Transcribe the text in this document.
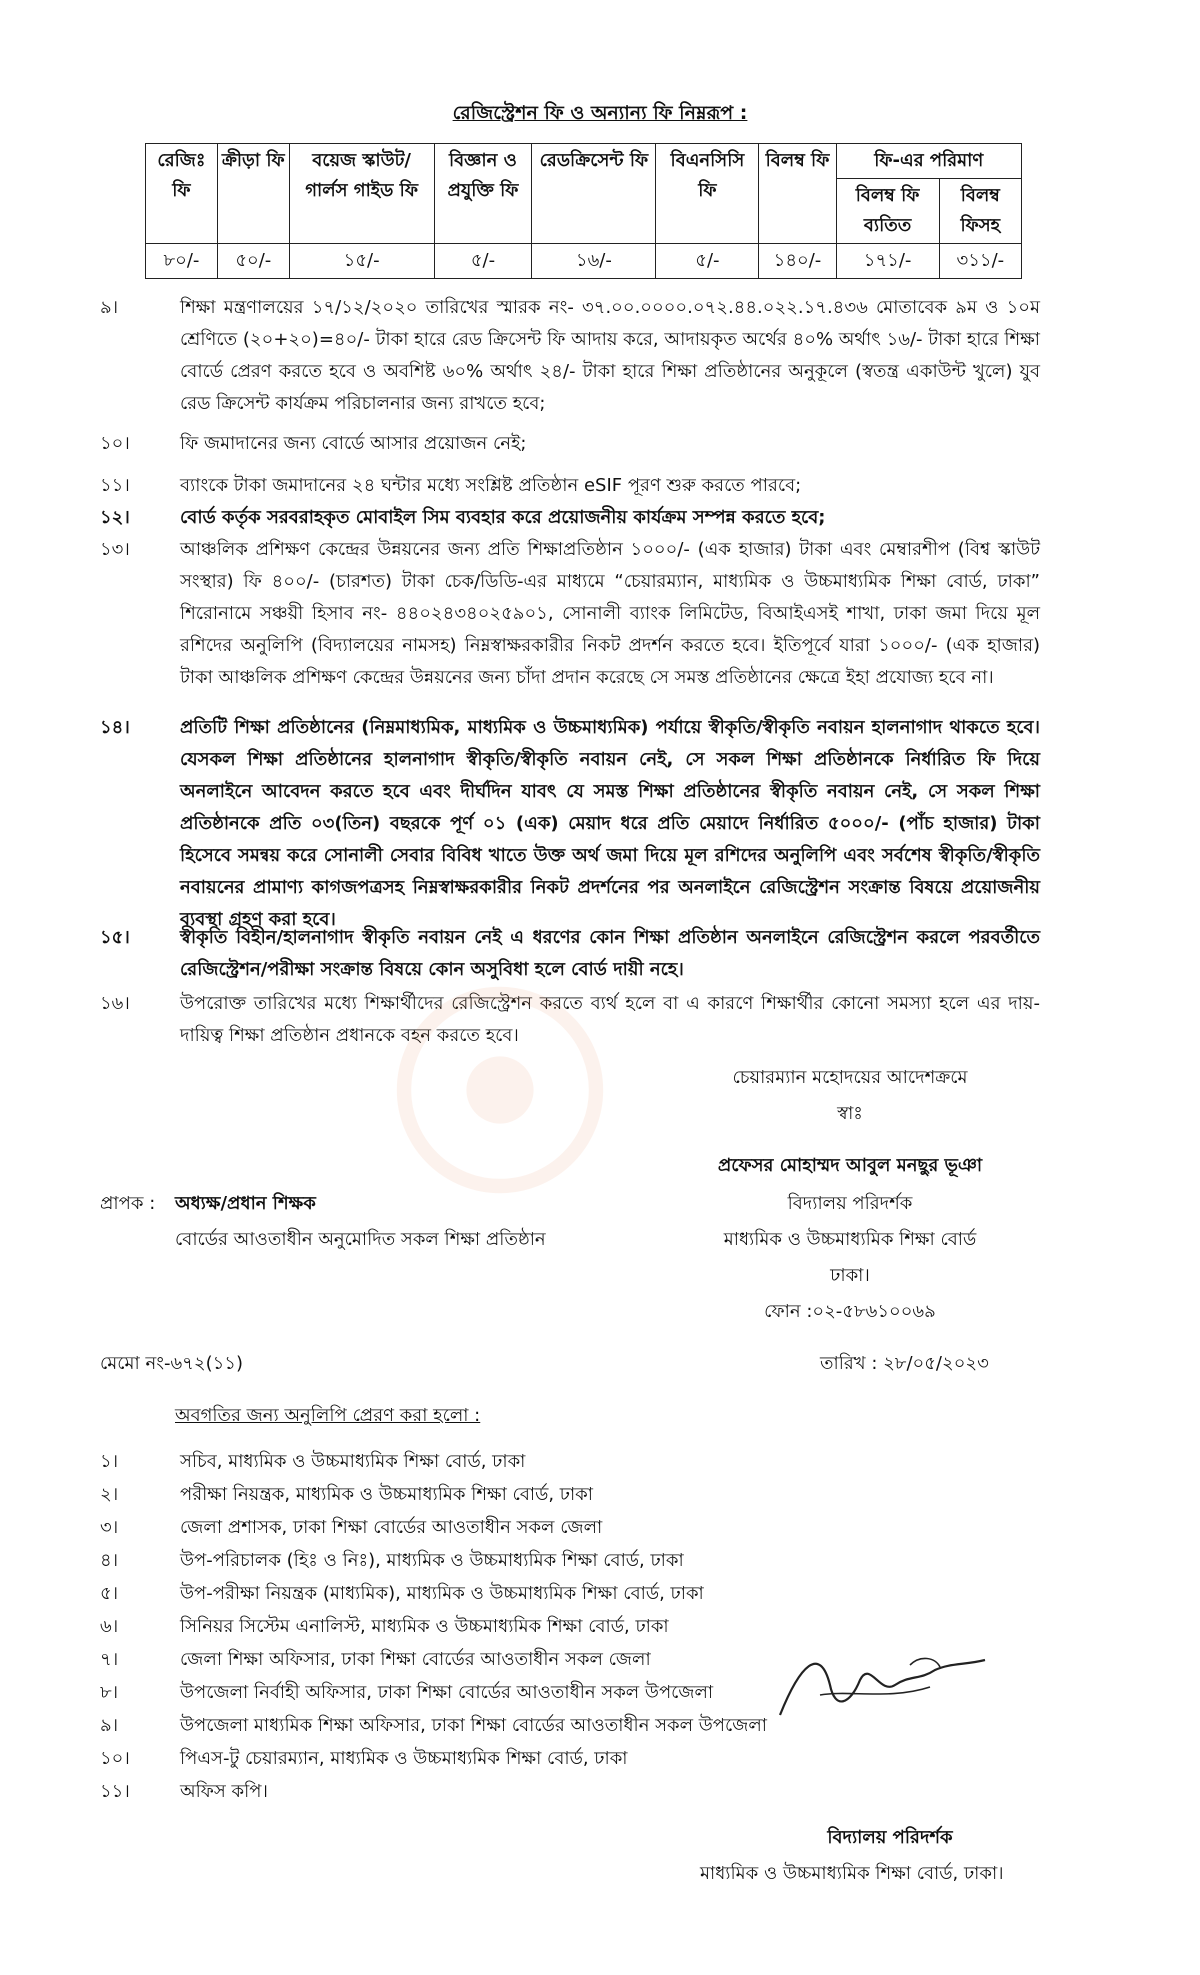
রেজিস্ট্রেশন ফি ও অন্যান্য ফি নিম্নরূপ :
রেজিঃ ফি	ক্রীড়া ফি	বয়েজ স্কাউট/গার্লস গাইড ফি	বিজ্ঞান ও প্রযুক্তি ফি	রেডক্রিসেন্ট ফি	বিএনসিসি ফি	বিলম্ব ফি	ফি-এর পরিমাণ	
							বিলম্ব ফি ব্যতিত	বিলম্ব ফিসহ
৮০/-	৫০/-	১৫/-	৫/-	১৬/-	৫/-	১৪০/-	১৭১/-	৩১১/-
৯।	শিক্ষা মন্ত্রণালয়ের ১৭/১২/২০২০ তারিখের স্মারক নং- ৩৭.০০.০০০০.০৭২.৪৪.০২২.১৭.৪৩৬ মোতাবেক ৯ম ও ১০ম শ্রেণিতে (২০+২০)=৪০/- টাকা হারে রেড ক্রিসেন্ট ফি আদায় করে, আদায়কৃত অর্থের ৪০% অর্থাৎ ১৬/- টাকা হারে শিক্ষা বোর্ডে প্রেরণ করতে হবে ও অবশিষ্ট ৬০% অর্থাৎ ২৪/- টাকা হারে শিক্ষা প্রতিষ্ঠানের অনুকূলে (স্বতন্ত্র একাউন্ট খুলে) যুব রেড ক্রিসেন্ট কার্যক্রম পরিচালনার জন্য রাখতে হবে;
১০।	ফি জমাদানের জন্য বোর্ডে আসার প্রয়োজন নেই;
১১।	ব্যাংকে টাকা জমাদানের ২৪ ঘন্টার মধ্যে সংশ্লিষ্ট প্রতিষ্ঠান eSIF পূরণ শুরু করতে পারবে;
১২।	বোর্ড কর্তৃক সরবরাহকৃত মোবাইল সিম ব্যবহার করে প্রয়োজনীয় কার্যক্রম সম্পন্ন করতে হবে;
১৩।	আঞ্চলিক প্রশিক্ষণ কেন্দ্রের উন্নয়নের জন্য প্রতি শিক্ষাপ্রতিষ্ঠান ১০০০/- (এক হাজার) টাকা এবং মেম্বারশীপ (বিশ্ব স্কাউট সংস্থার) ফি ৪০০/- (চারশত) টাকা চেক/ডিডি-এর মাধ্যমে “চেয়ারম্যান, মাধ্যমিক ও উচ্চমাধ্যমিক শিক্ষা বোর্ড, ঢাকা” শিরোনামে সঞ্চয়ী হিসাব নং- ৪৪০২৪৩৪০২৫৯০১, সোনালী ব্যাংক লিমিটেড, বিআইএসই শাখা, ঢাকা জমা দিয়ে মূল রশিদের অনুলিপি (বিদ্যালয়ের নামসহ) নিম্নস্বাক্ষরকারীর নিকট প্রদর্শন করতে হবে। ইতিপূর্বে যারা ১০০০/- (এক হাজার) টাকা আঞ্চলিক প্রশিক্ষণ কেন্দ্রের উন্নয়নের জন্য চাঁদা প্রদান করেছে সে সমস্ত প্রতিষ্ঠানের ক্ষেত্রে ইহা প্রযোজ্য হবে না।
১৪।	প্রতিটি শিক্ষা প্রতিষ্ঠানের (নিম্নমাধ্যমিক, মাধ্যমিক ও উচ্চমাধ্যমিক) পর্যায়ে স্বীকৃতি/স্বীকৃতি নবায়ন হালনাগাদ থাকতে হবে। যেসকল শিক্ষা প্রতিষ্ঠানের হালনাগাদ স্বীকৃতি/স্বীকৃতি নবায়ন নেই, সে সকল শিক্ষা প্রতিষ্ঠানকে নির্ধারিত ফি দিয়ে অনলাইনে আবেদন করতে হবে এবং দীর্ঘদিন যাবৎ যে সমস্ত শিক্ষা প্রতিষ্ঠানের স্বীকৃতি নবায়ন নেই, সে সকল শিক্ষা প্রতিষ্ঠানকে প্রতি ০৩(তিন) বছরকে পূর্ণ ০১ (এক) মেয়াদ ধরে প্রতি মেয়াদে নির্ধারিত ৫০০০/- (পাঁচ হাজার) টাকা হিসেবে সমন্বয় করে সোনালী সেবার বিবিধ খাতে উক্ত অর্থ জমা দিয়ে মূল রশিদের অনুলিপি এবং সর্বশেষ স্বীকৃতি/স্বীকৃতি নবায়নের প্রামাণ্য কাগজপত্রসহ নিম্নস্বাক্ষরকারীর নিকট প্রদর্শনের পর অনলাইনে রেজিস্ট্রেশন সংক্রান্ত বিষয়ে প্রয়োজনীয় ব্যবস্থা গ্রহণ করা হবে।
১৫।	স্বীকৃতি বিহীন/হালনাগাদ স্বীকৃতি নবায়ন নেই এ ধরণের কোন শিক্ষা প্রতিষ্ঠান অনলাইনে রেজিস্ট্রেশন করলে পরবর্তীতে রেজিস্ট্রেশন/পরীক্ষা সংক্রান্ত বিষয়ে কোন অসুবিধা হলে বোর্ড দায়ী নহে।
১৬।	উপরোক্ত তারিখের মধ্যে শিক্ষার্থীদের রেজিস্ট্রেশন করতে ব্যর্থ হলে বা এ কারণে শিক্ষার্থীর কোনো সমস্যা হলে এর দায়-দায়িত্ব শিক্ষা প্রতিষ্ঠান প্রধানকে বহন করতে হবে।
চেয়ারম্যান মহোদয়ের আদেশক্রমে
স্বাঃ
প্রফেসর মোহাম্মদ আবুল মনছুর ভূঞা
বিদ্যালয় পরিদর্শক
মাধ্যমিক ও উচ্চমাধ্যমিক শিক্ষা বোর্ড
ঢাকা।
ফোন :০২-৫৮৬১০০৬৯
প্রাপক : অধ্যক্ষ/প্রধান শিক্ষক
বোর্ডের আওতাধীন অনুমোদিত সকল শিক্ষা প্রতিষ্ঠান
মেমো নং-৬৭২(১১)	তারিখ : ২৮/০৫/২০২৩
অবগতির জন্য অনুলিপি প্রেরণ করা হলো :
১।	সচিব, মাধ্যমিক ও উচ্চমাধ্যমিক শিক্ষা বোর্ড, ঢাকা
২।	পরীক্ষা নিয়ন্ত্রক, মাধ্যমিক ও উচ্চমাধ্যমিক শিক্ষা বোর্ড, ঢাকা
৩।	জেলা প্রশাসক, ঢাকা শিক্ষা বোর্ডের আওতাধীন সকল জেলা
৪।	উপ-পরিচালক (হিঃ ও নিঃ), মাধ্যমিক ও উচ্চমাধ্যমিক শিক্ষা বোর্ড, ঢাকা
৫।	উপ-পরীক্ষা নিয়ন্ত্রক (মাধ্যমিক), মাধ্যমিক ও উচ্চমাধ্যমিক শিক্ষা বোর্ড, ঢাকা
৬।	সিনিয়র সিস্টেম এনালিস্ট, মাধ্যমিক ও উচ্চমাধ্যমিক শিক্ষা বোর্ড, ঢাকা
৭।	জেলা শিক্ষা অফিসার, ঢাকা শিক্ষা বোর্ডের আওতাধীন সকল জেলা
৮।	উপজেলা নির্বাহী অফিসার, ঢাকা শিক্ষা বোর্ডের আওতাধীন সকল উপজেলা
৯।	উপজেলা মাধ্যমিক শিক্ষা অফিসার, ঢাকা শিক্ষা বোর্ডের আওতাধীন সকল উপজেলা
১০।	পিএস-টু চেয়ারম্যান, মাধ্যমিক ও উচ্চমাধ্যমিক শিক্ষা বোর্ড, ঢাকা
১১।	অফিস কপি।
বিদ্যালয় পরিদর্শক
মাধ্যমিক ও উচ্চমাধ্যমিক শিক্ষা বোর্ড, ঢাকা।
